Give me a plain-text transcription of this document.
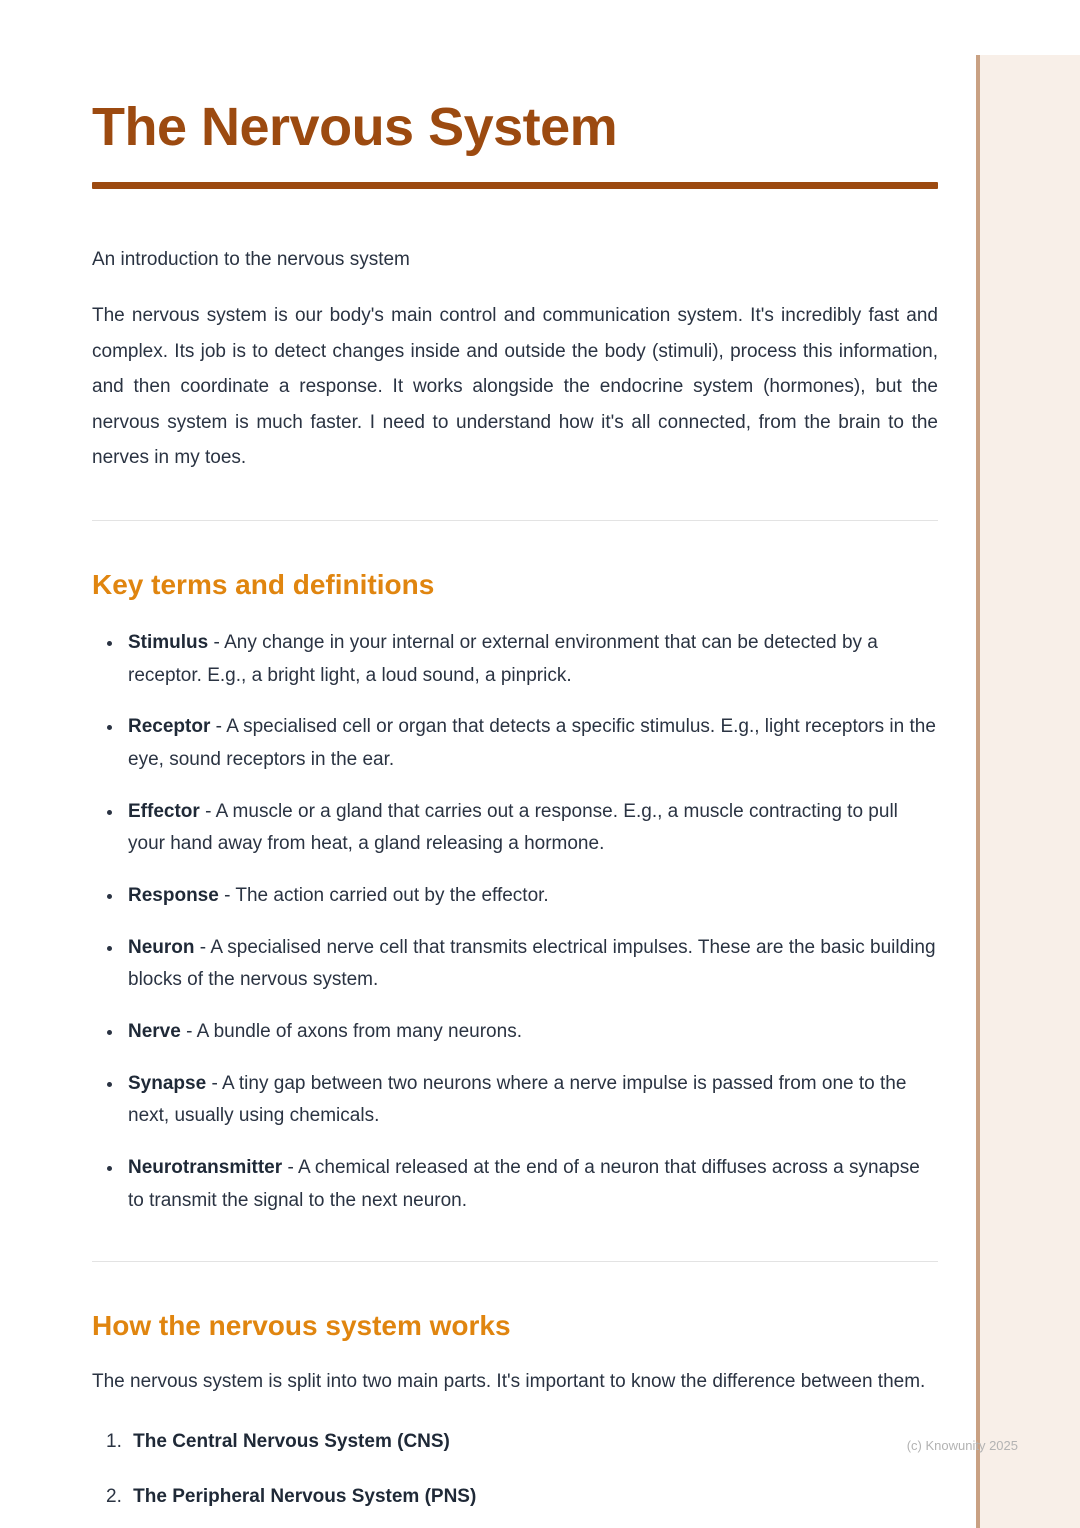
The Nervous System

An introduction to the nervous system

The nervous system is our body's main control and communication system. It's incredibly fast and complex. Its job is to detect changes inside and outside the body (stimuli), process this information, and then coordinate a response. It works alongside the endocrine system (hormones), but the nervous system is much faster. I need to understand how it's all connected, from the brain to the nerves in my toes.

Key terms and definitions
• Stimulus - Any change in your internal or external environment that can be detected by a receptor. E.g., a bright light, a loud sound, a pinprick.
• Receptor - A specialised cell or organ that detects a specific stimulus. E.g., light receptors in the eye, sound receptors in the ear.
• Effector - A muscle or a gland that carries out a response. E.g., a muscle contracting to pull your hand away from heat, a gland releasing a hormone.
• Response - The action carried out by the effector.
• Neuron - A specialised nerve cell that transmits electrical impulses. These are the basic building blocks of the nervous system.
• Nerve - A bundle of axons from many neurons.
• Synapse - A tiny gap between two neurons where a nerve impulse is passed from one to the next, usually using chemicals.
• Neurotransmitter - A chemical released at the end of a neuron that diffuses across a synapse to transmit the signal to the next neuron.
How the nervous system works

The nervous system is split into two main parts. It's important to know the difference between them.

1. The Central Nervous System (CNS)
2. The Peripheral Nervous System (PNS)
(c) Knowunity 2025
